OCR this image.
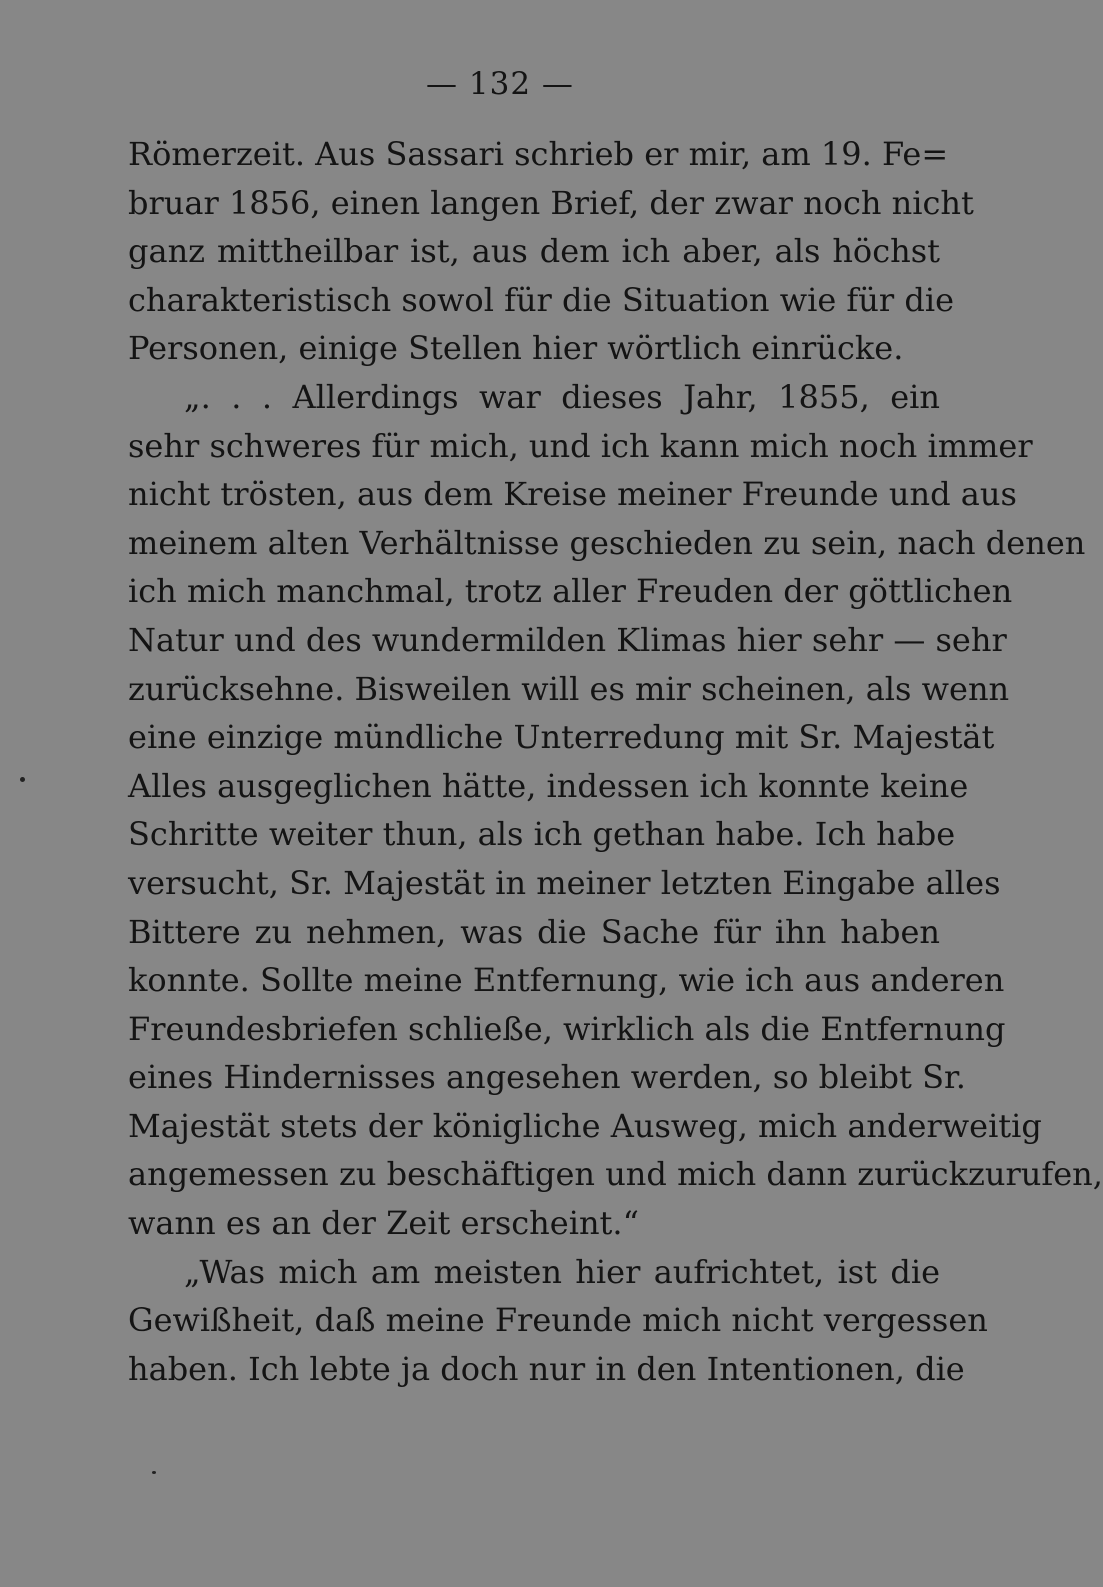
— 132 —
Römerzeit. Aus Sassari schrieb er mir, am 19. Fe=
bruar 1856, einen langen Brief, der zwar noch nicht
ganz mittheilbar ist, aus dem ich aber, als höchst
charakteristisch sowol für die Situation wie für die
Personen, einige Stellen hier wörtlich einrücke.
„. . . Allerdings war dieses Jahr, 1855, ein
sehr schweres für mich, und ich kann mich noch immer
nicht trösten, aus dem Kreise meiner Freunde und aus
meinem alten Verhältnisse geschieden zu sein, nach denen
ich mich manchmal, trotz aller Freuden der göttlichen
Natur und des wundermilden Klimas hier sehr — sehr
zurücksehne. Bisweilen will es mir scheinen, als wenn
eine einzige mündliche Unterredung mit Sr. Majestät
Alles ausgeglichen hätte, indessen ich konnte keine
Schritte weiter thun, als ich gethan habe. Ich habe
versucht, Sr. Majestät in meiner letzten Eingabe alles
Bittere zu nehmen, was die Sache für ihn haben
konnte. Sollte meine Entfernung, wie ich aus anderen
Freundesbriefen schließe, wirklich als die Entfernung
eines Hindernisses angesehen werden, so bleibt Sr.
Majestät stets der königliche Ausweg, mich anderweitig
angemessen zu beschäftigen und mich dann zurückzurufen,
wann es an der Zeit erscheint.“
„Was mich am meisten hier aufrichtet, ist die
Gewißheit, daß meine Freunde mich nicht vergessen
haben. Ich lebte ja doch nur in den Intentionen, die
